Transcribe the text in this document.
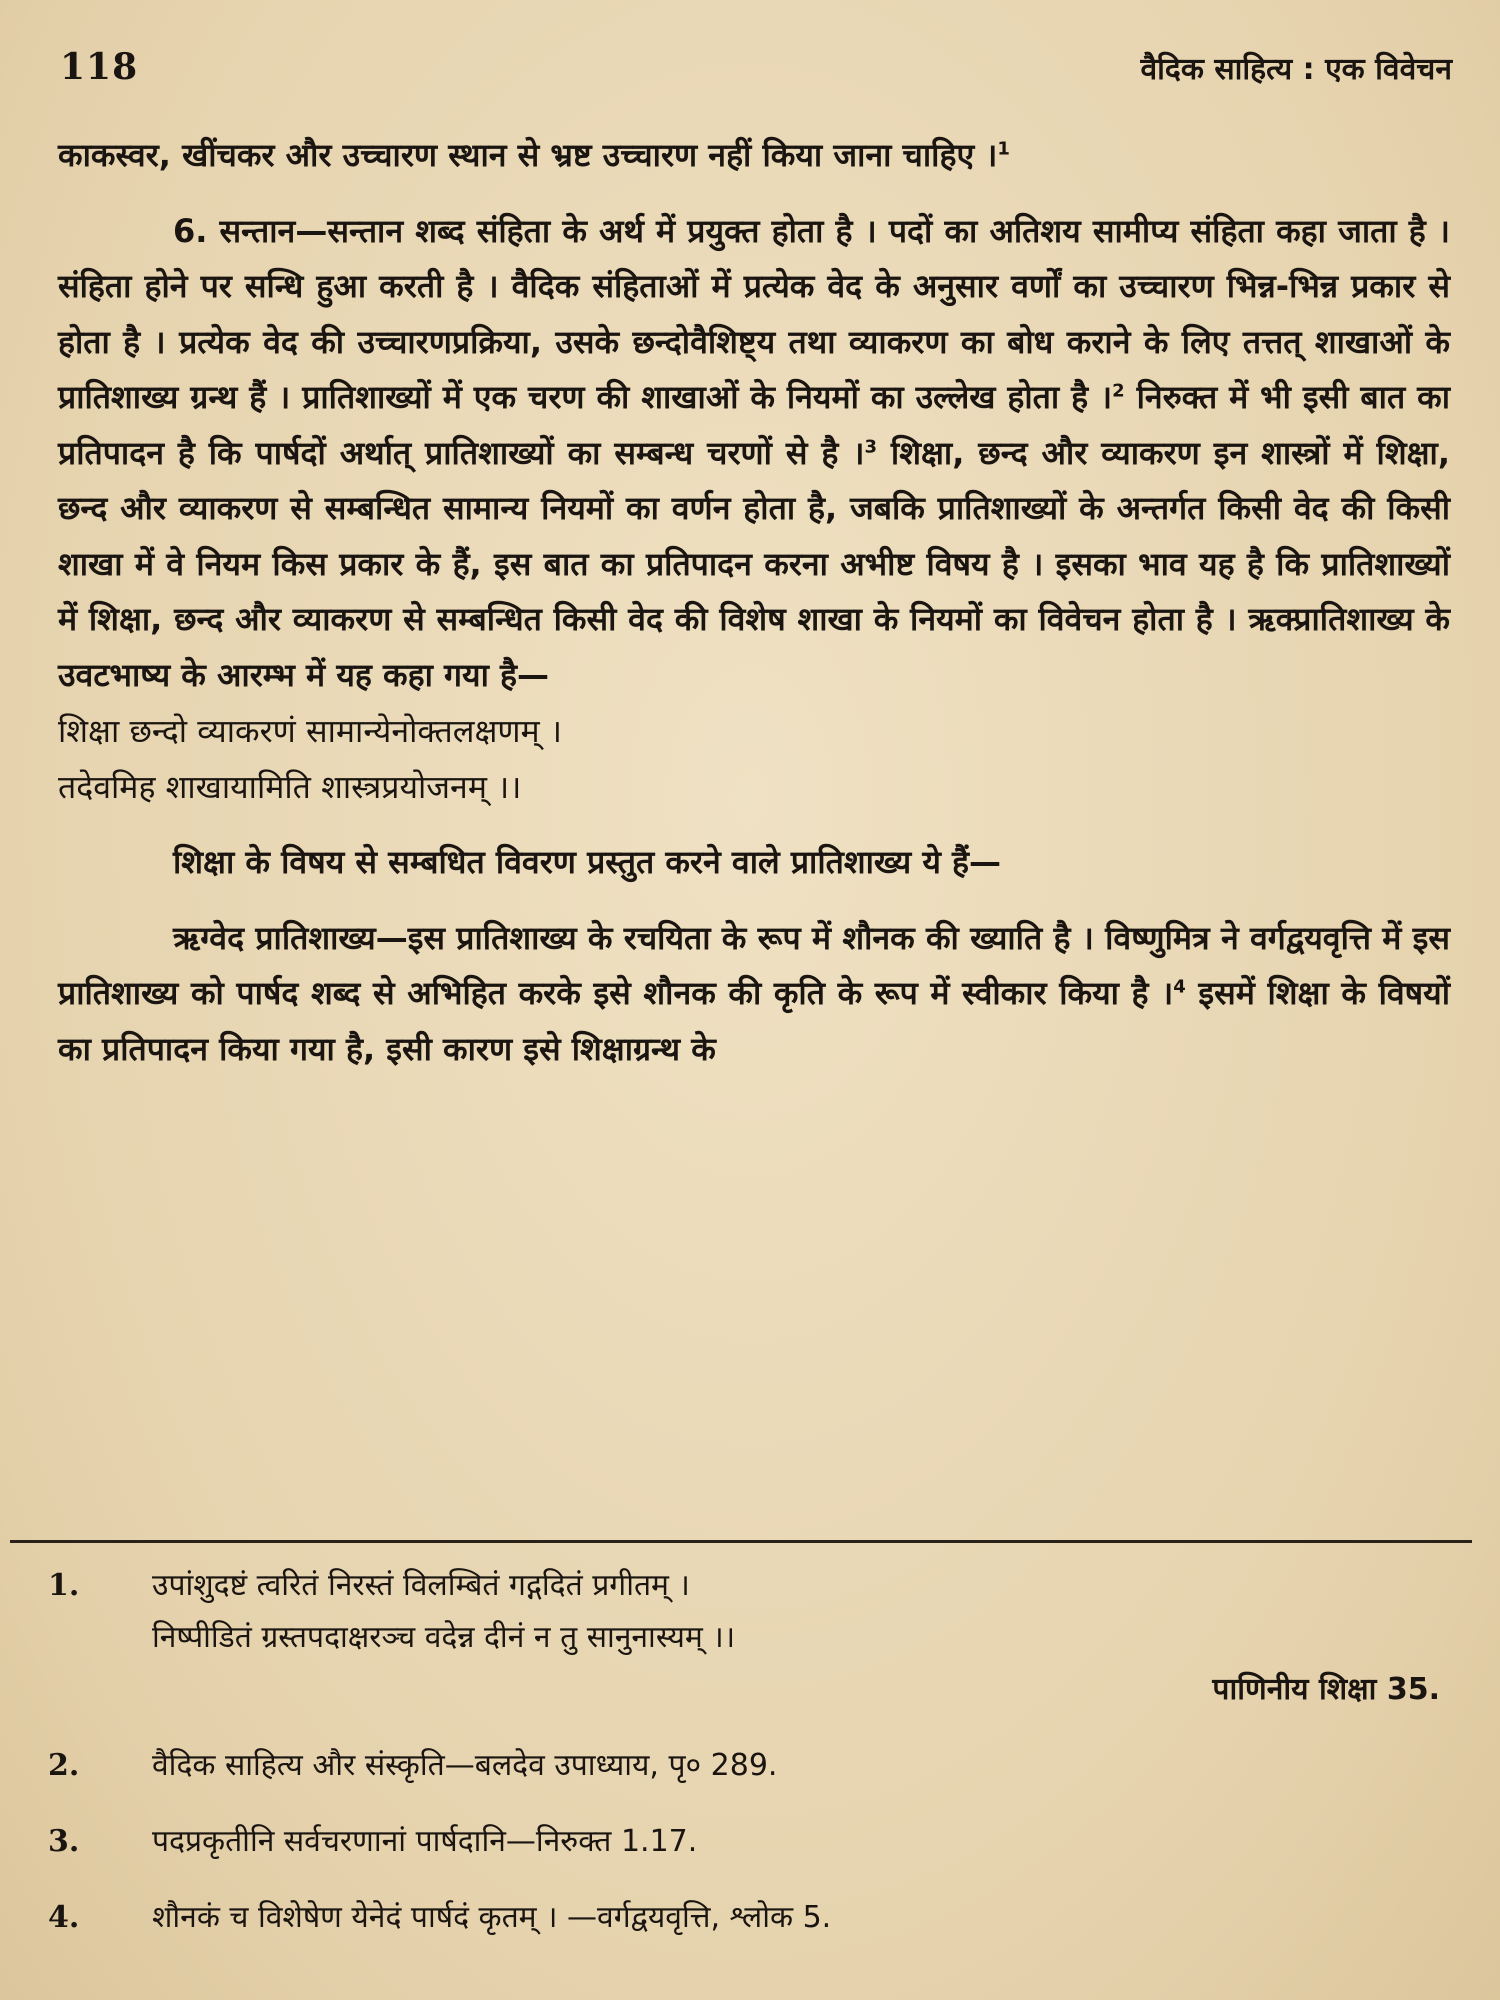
118	वैदिक साहित्य : एक विवेचन

काकस्वर, खींचकर और उच्चारण स्थान से भ्रष्ट उच्चारण नहीं किया जाना चाहिए ।$^1$

6. सन्तान—सन्तान शब्द संहिता के अर्थ में प्रयुक्त होता है । पदों का अतिशय सामीप्य संहिता कहा जाता है । संहिता होने पर सन्धि हुआ करती है । वैदिक संहिताओं में प्रत्येक वेद के अनुसार वर्णों का उच्चारण भिन्न-भिन्न प्रकार से होता है । प्रत्येक वेद की उच्चारणप्रक्रिया, उसके छन्दोवैशिष्ट्य तथा व्याकरण का बोध कराने के लिए तत्तत् शाखाओं के प्रातिशाख्य ग्रन्थ हैं । प्रातिशाख्यों में एक चरण की शाखाओं के नियमों का उल्लेख होता है ।$^2$ निरुक्त में भी इसी बात का प्रतिपादन है कि पार्षदों अर्थात् प्रातिशाख्यों का सम्बन्ध चरणों से है ।$^3$ शिक्षा, छन्द और व्याकरण इन शास्त्रों में शिक्षा, छन्द और व्याकरण से सम्बन्धित सामान्य नियमों का वर्णन होता है, जबकि प्रातिशाख्यों के अन्तर्गत किसी वेद की किसी शाखा में वे नियम किस प्रकार के हैं, इस बात का प्रतिपादन करना अभीष्ट विषय है । इसका भाव यह है कि प्रातिशाख्यों में शिक्षा, छन्द और व्याकरण से सम्बन्धित किसी वेद की विशेष शाखा के नियमों का विवेचन होता है । ऋक्प्रातिशाख्य के उवटभाष्य के आरम्भ में यह कहा गया है—

शिक्षा छन्दो व्याकरणं सामान्येनोक्तलक्षणम् ।

तदेवमिह शाखायामिति शास्त्रप्रयोजनम् ।।

शिक्षा के विषय से सम्बधित विवरण प्रस्तुत करने वाले प्रातिशाख्य ये हैं—

ऋग्वेद प्रातिशाख्य—इस प्रातिशाख्य के रचयिता के रूप में शौनक की ख्याति है । विष्णुमित्र ने वर्गद्वयवृत्ति में इस प्रातिशाख्य को पार्षद शब्द से अभिहित करके इसे शौनक की कृति के रूप में स्वीकार किया है ।$^4$ इसमें शिक्षा के विषयों का प्रतिपादन किया गया है, इसी कारण इसे शिक्षाग्रन्थ के

1.	उपांशुदष्टं त्वरितं निरस्तं विलम्बितं गद्गदितं प्रगीतम् ।
निष्पीडितं ग्रस्तपदाक्षरञ्च वदेन्न दीनं न तु सानुनास्यम् ।।
पाणिनीय शिक्षा 35.
2.	वैदिक साहित्य और संस्कृति—बलदेव उपाध्याय, पृ० 289.
3.	पदप्रकृतीनि सर्वचरणानां पार्षदानि—निरुक्त 1.17.
4.	शौनकं च विशेषेण येनेदं पार्षदं कृतम् । —वर्गद्वयवृत्ति, श्लोक 5.
